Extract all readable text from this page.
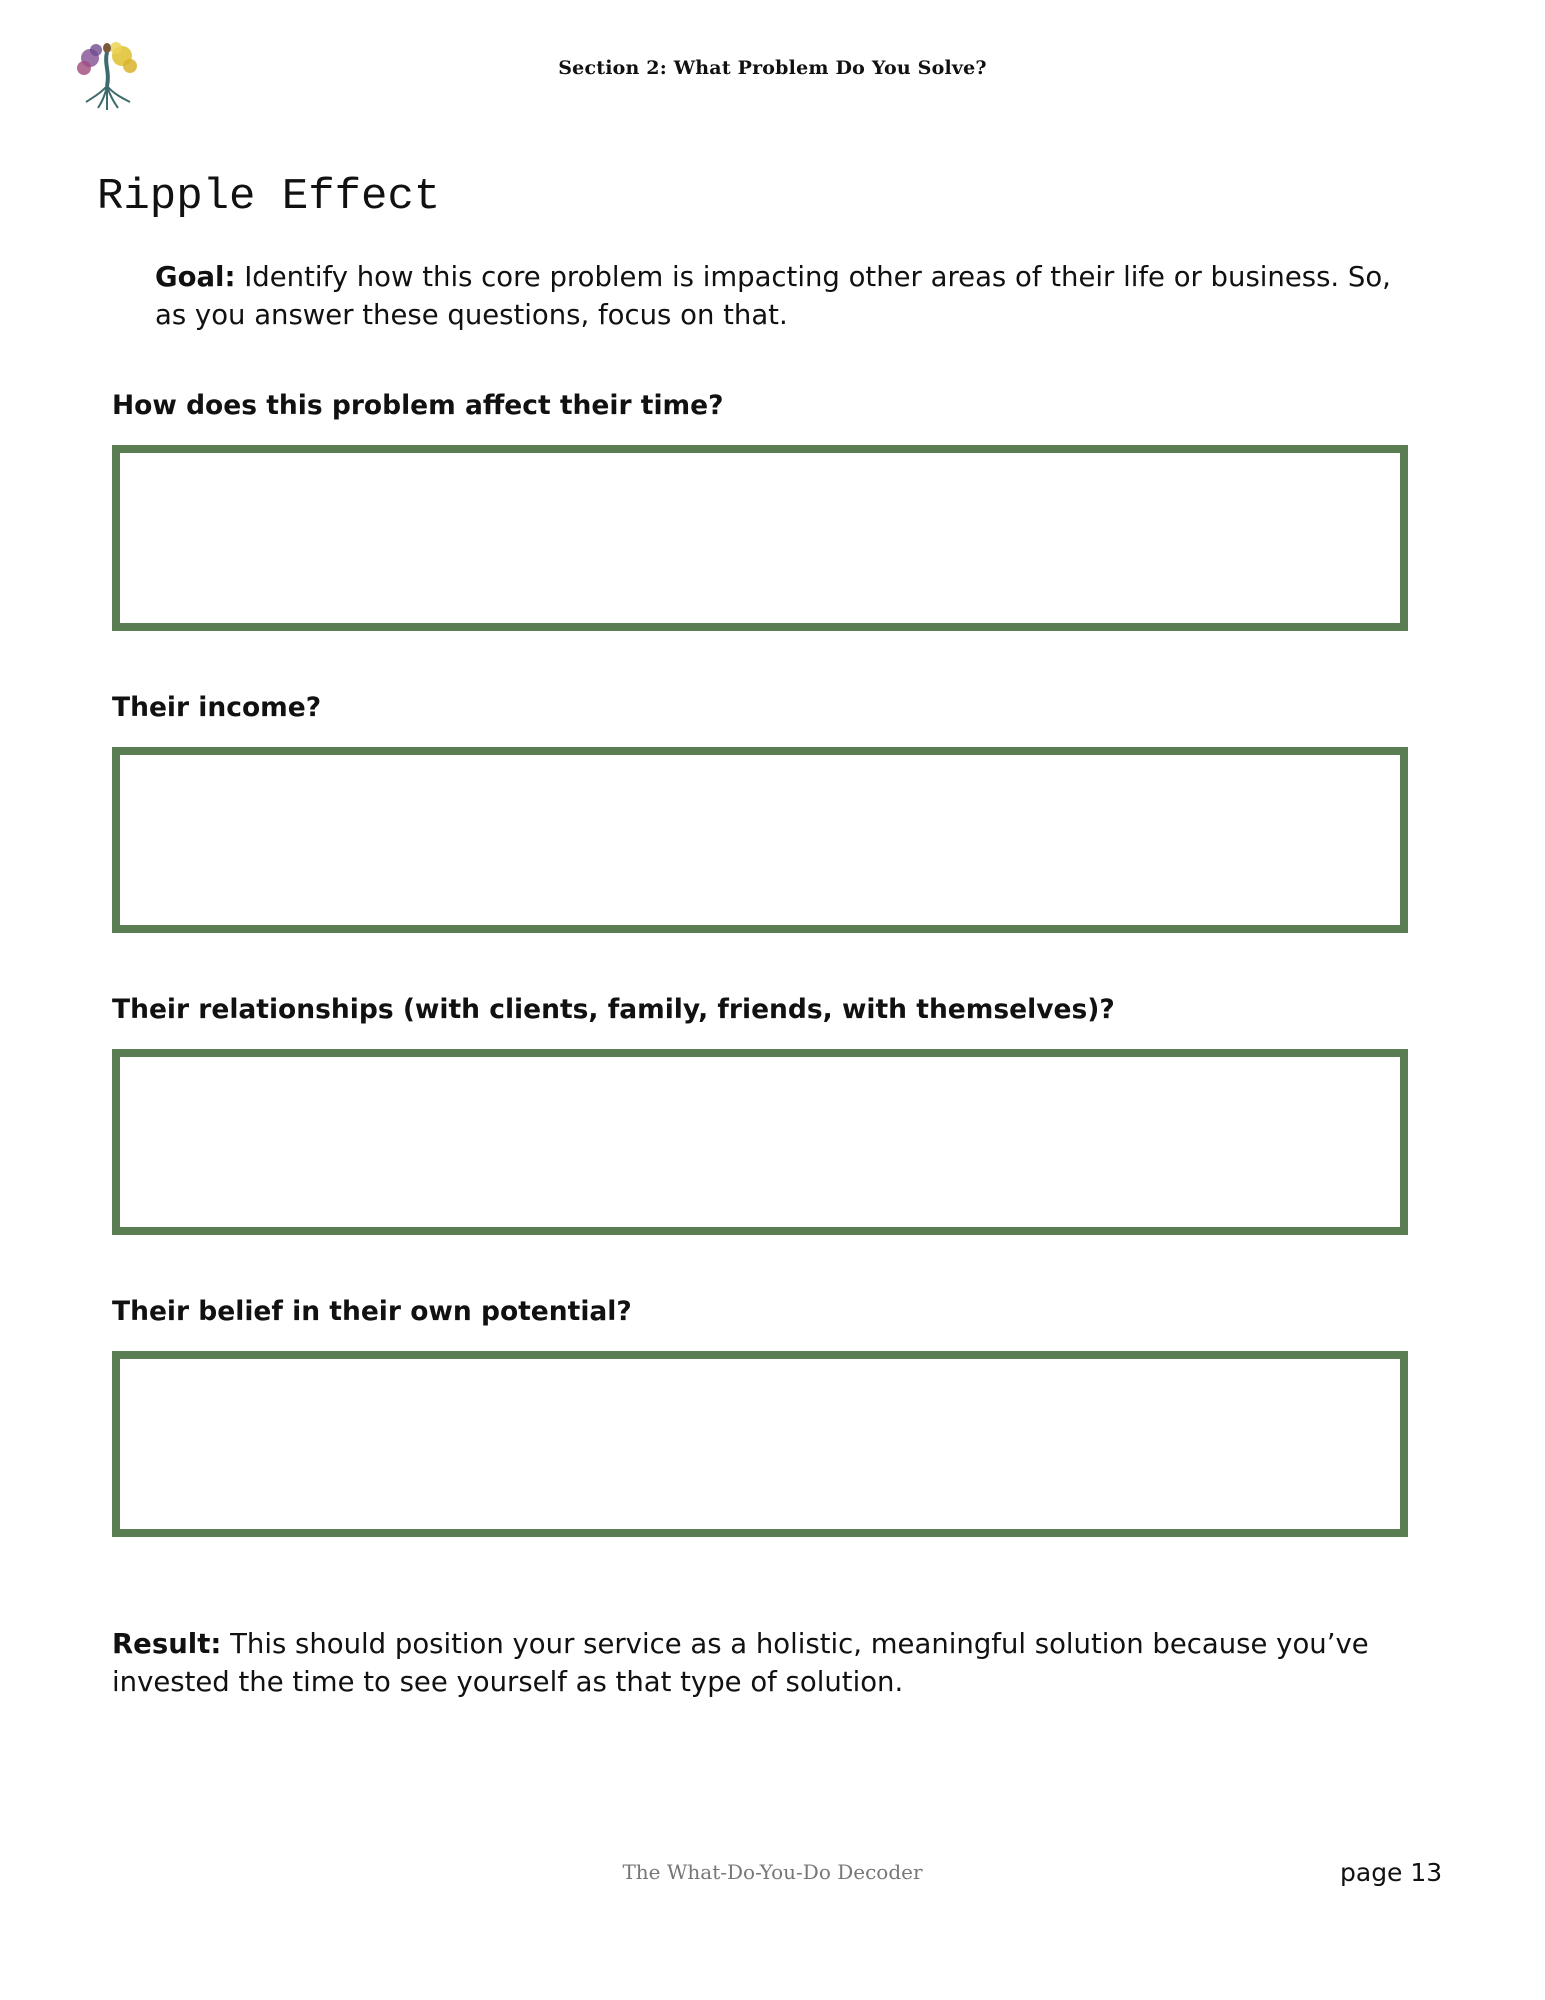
Section 2: What Problem Do You Solve?
Ripple Effect

Goal: Identify how this core problem is impacting other areas of their life or business. So, as you answer these questions, focus on that.

How does this problem affect their time?

Their income?

Their relationships (with clients, family, friends, with themselves)?

Their belief in their own potential?

Result: This should position your service as a holistic, meaningful solution because you’ve invested the time to see yourself as that type of solution.

The What-Do-You-Do Decoder	page 13
